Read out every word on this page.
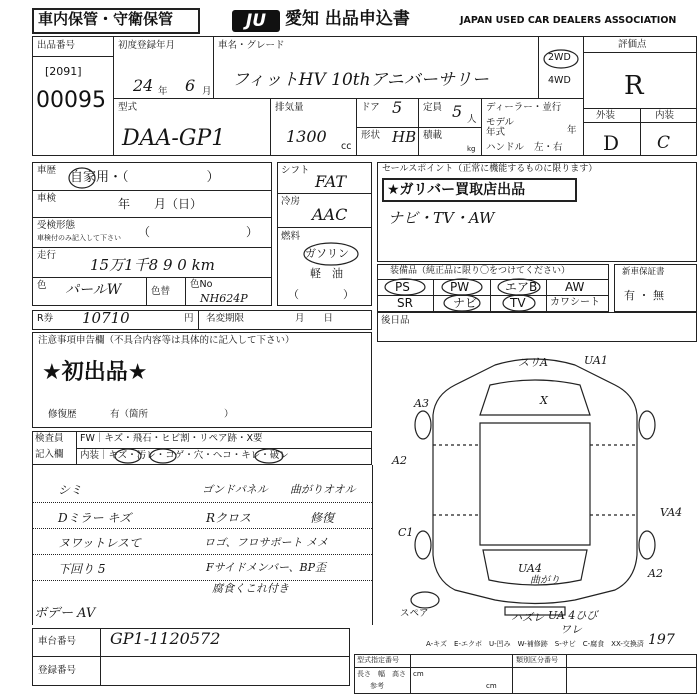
車内保管・守衛保管	JU	愛知 出品申込書	JAPAN USED CAR DEALERS ASSOCIATION
出品番号
[2091]
00095
初度登録年月
24 年 6 月
車名・グレード
フィットHV 10thアニバーサリー
2WD
4WD
評価点
R
外装	内装
D C
型式
DAA-GP1
排気量
1300
cc
ドア 5 定員 5 人
形状 HB 積載
kg
ディーラー・並行
モデル
年式	年
ハンドル 左・右
車歴 自家用・（　　　　　　）
車検	年　　月（日）
受検形態
車検付のみ記入して下さい （　　　　　　　　）
走行
15万1千8 9 0 km
色 パールW	色替
色No
NH624P
シフト
FAT
冷房
AAC
燃料
ガソリン
軽　油
（　　　　）
セールスポイント（正常に機能するものに限ります）
★ガリバー買取店出品
ナビ・TV・AW
装備品（純正品に限り〇をつけてください）
PS	PW	エアB AW
SR	ナビ	TV カワシート
新車保証書
有 ・ 無
R券 10710	円 名変期限	月　　日	後日品
注意事項申告欄（不具合内容等は具体的に記入して下さい）
★初出品★
修復歴	有（箇所　　　　　　　　）
検査員
記入欄
FW｜キズ・飛石・ヒビ割・リペア跡・X要
内装｜キズ・汚レ・コゲ・穴・ヘコ・キレ・破レ
シミ	ゴンドパネル 曲がりオオル
Dミラー キズ	Rクロス	修復
ヌワットレスて	ロゴ、フロサポート メメ
下回り 5	Fサイドメンバー、BP歪
腐食くこれ付き
ボデー AV
スリA	UA1
A3	X
A2
C1
VA4
UA4
曲がり
A2
スペア	ハズレ UA 4ひび
ワレ
A-キズ　E-エクボ　U-凹み　W-補修跡　S-サビ　C-腐食　XX-交換済 197
車台番号 GP1-1120572
登録番号
型式指定番号	類別区分番号
長さ　幅　高さ　cm
参考	cm
